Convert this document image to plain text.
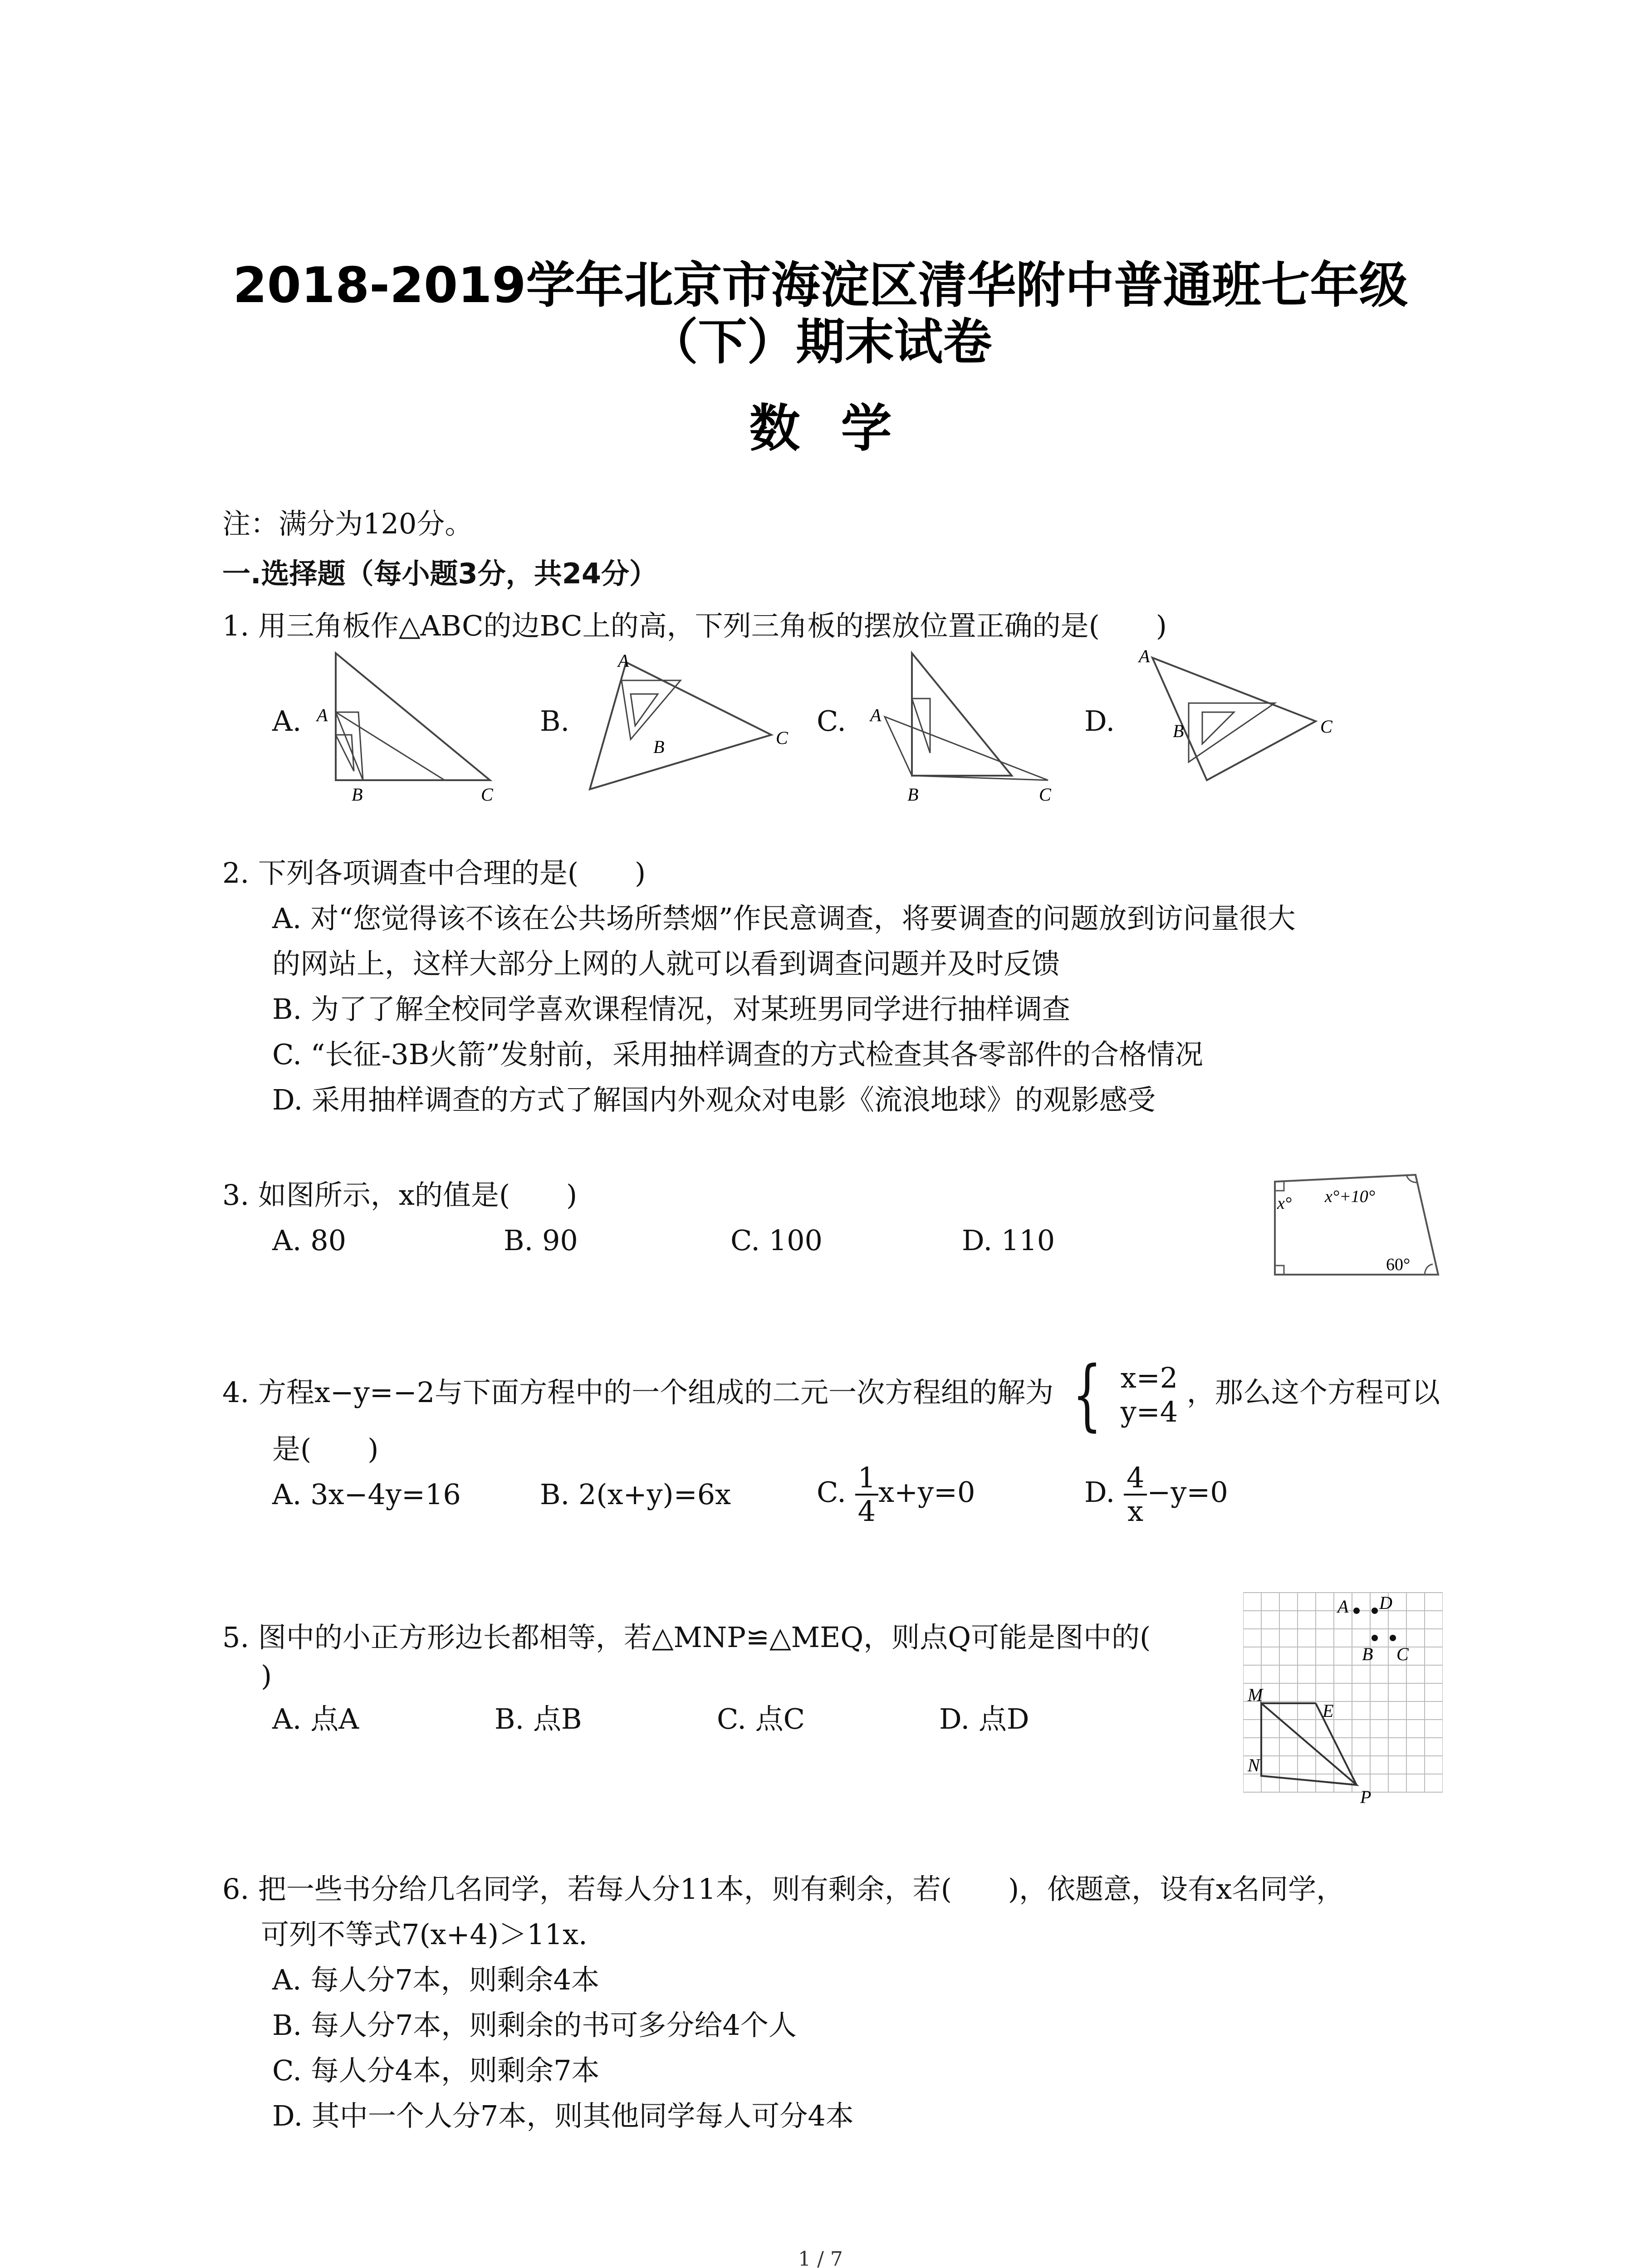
2018-2019学年北京市海淀区清华附中普通班七年级
（下）期末试卷
数学
注：满分为120分。
一.选择题（每小题3分，共24分）
1. 用三角板作△ABC的边BC上的高，下列三角板的摆放位置正确的是(　　)
A.	B.	C.	D.
A
B	C
A
B	C
A
B	C
A
B	C
2. 下列各项调查中合理的是(　　)
A. 对“您觉得该不该在公共场所禁烟”作民意调查，将要调查的问题放到访问量很大
的网站上，这样大部分上网的人就可以看到调查问题并及时反馈
B. 为了了解全校同学喜欢课程情况，对某班男同学进行抽样调查
C. “长征-3B火箭”发射前，采用抽样调查的方式检查其各零部件的合格情况
D. 采用抽样调查的方式了解国内外观众对电影《流浪地球》的观影感受
3. 如图所示，x的值是(　　)
A. 80	B. 90	C. 100	D. 110
x° x°+10°
60°
4. 方程x−y=−2与下面方程中的一个组成的二元一次方程组的解为 { x=2
y=4
，那么这个方程可以
是(　　)
A. 3x−4y=16	B. 2(x+y)=6x	C. $\frac{1}{4} x+y=0$	D. $\frac{4}{x} -y=0$
5. 图中的小正方形边长都相等，若△MNP≌△MEQ，则点Q可能是图中的(
)
A. 点A	B. 点B	C. 点C	D. 点D
A D
B C
M
E
N
P
6. 把一些书分给几名同学，若每人分11本，则有剩余，若(　　)，依题意，设有x名同学，
可列不等式7(x+4)＞11x.
A. 每人分7本，则剩余4本
B. 每人分7本，则剩余的书可多分给4个人
C. 每人分4本，则剩余7本
D. 其中一个人分7本，则其他同学每人可分4本
1 / 7
